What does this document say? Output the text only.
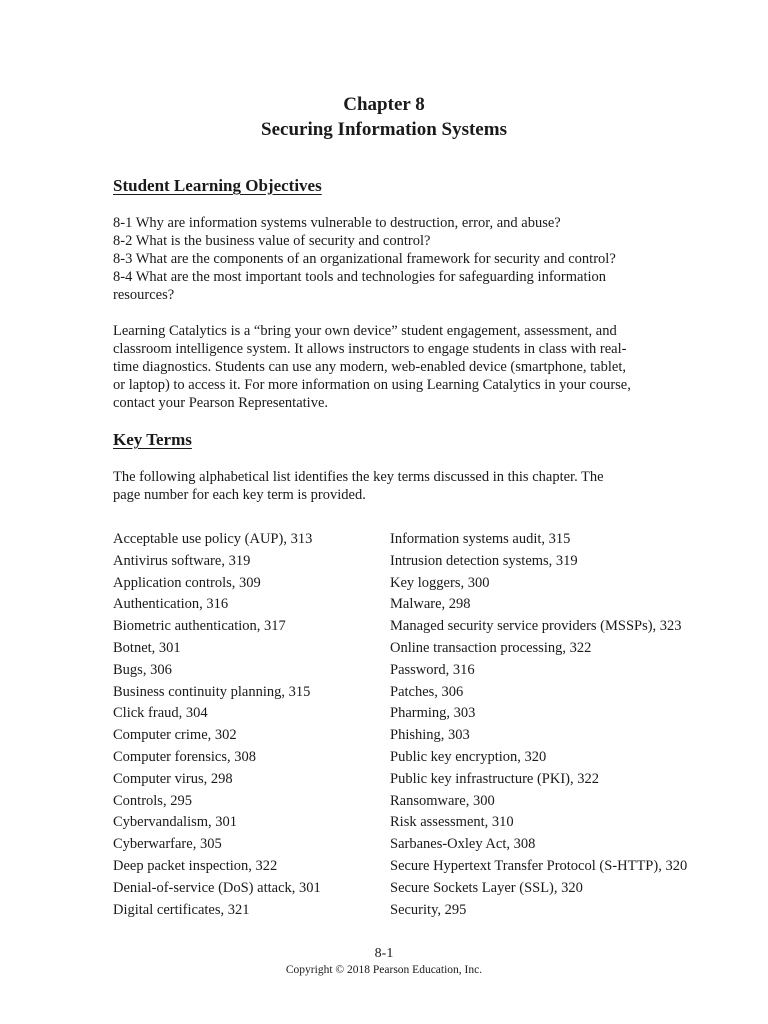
Chapter 8
Securing Information Systems
Student Learning Objectives
8-1 Why are information systems vulnerable to destruction, error, and abuse?
8-2 What is the business value of security and control?
8-3 What are the components of an organizational framework for security and control?
8-4 What are the most important tools and technologies for safeguarding information
resources?
Learning Catalytics is a “bring your own device” student engagement, assessment, and
classroom intelligence system. It allows instructors to engage students in class with real-
time diagnostics. Students can use any modern, web-enabled device (smartphone, tablet,
or laptop) to access it. For more information on using Learning Catalytics in your course,
contact your Pearson Representative.
Key Terms
The following alphabetical list identifies the key terms discussed in this chapter. The
page number for each key term is provided.
Acceptable use policy (AUP), 313
Antivirus software, 319
Application controls, 309
Authentication, 316
Biometric authentication, 317
Botnet, 301
Bugs, 306
Business continuity planning, 315
Click fraud, 304
Computer crime, 302
Computer forensics, 308
Computer virus, 298
Controls, 295
Cybervandalism, 301
Cyberwarfare, 305
Deep packet inspection, 322
Denial-of-service (DoS) attack, 301
Digital certificates, 321
Information systems audit, 315
Intrusion detection systems, 319
Key loggers, 300
Malware, 298
Managed security service providers (MSSPs), 323
Online transaction processing, 322
Password, 316
Patches, 306
Pharming, 303
Phishing, 303
Public key encryption, 320
Public key infrastructure (PKI), 322
Ransomware, 300
Risk assessment, 310
Sarbanes-Oxley Act, 308
Secure Hypertext Transfer Protocol (S-HTTP), 320
Secure Sockets Layer (SSL), 320
Security, 295
8-1
Copyright © 2018 Pearson Education, Inc.
